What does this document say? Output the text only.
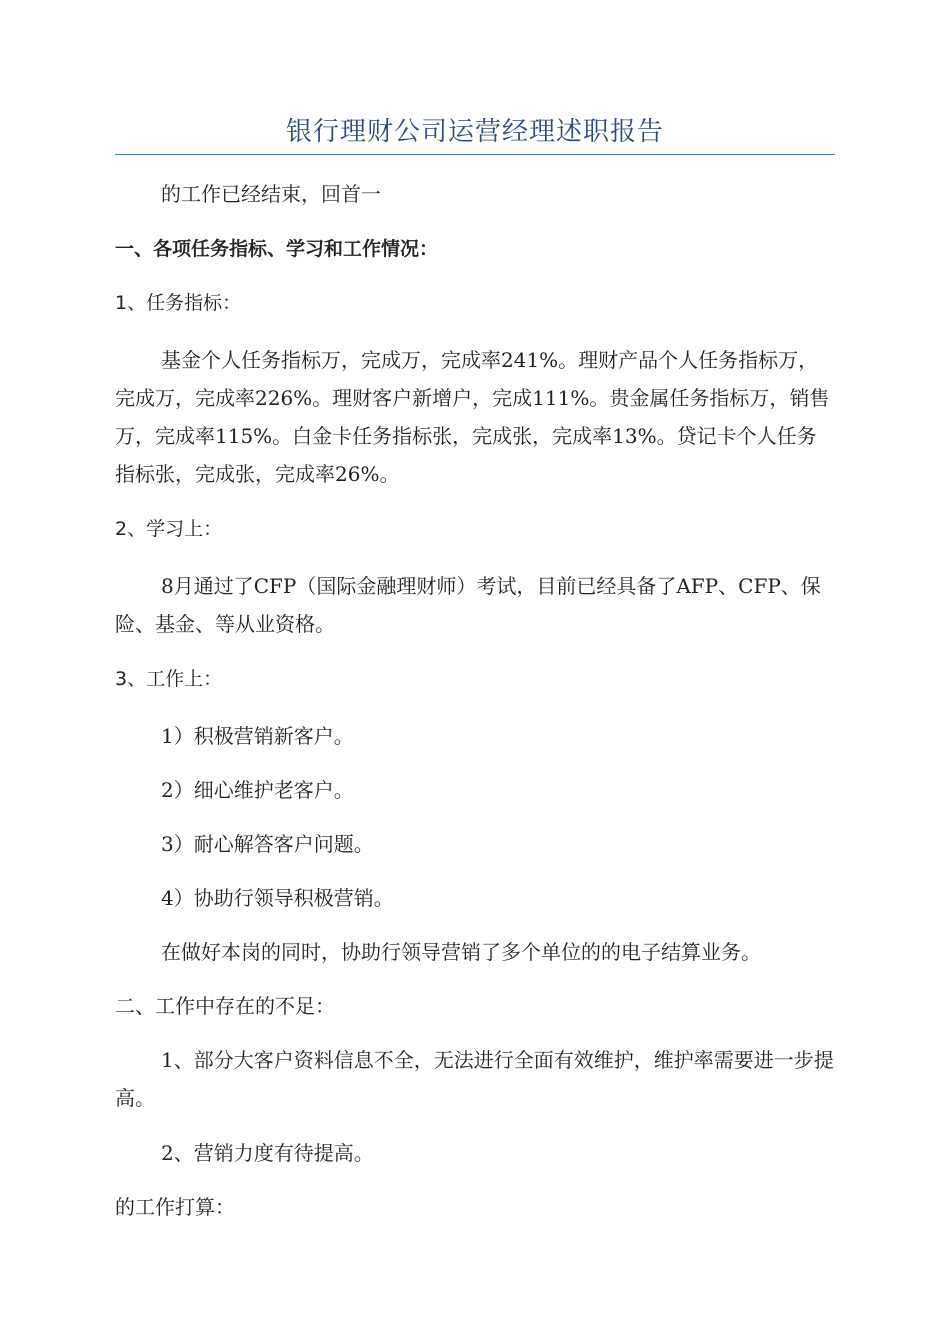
银行理财公司运营经理述职报告

的工作已经结束，回首一

一、各项任务指标、学习和工作情况：

1、任务指标：

基金个人任务指标万，完成万，完成率241%。理财产品个人任务指标万，完成万，完成率226%。理财客户新增户，完成111%。贵金属任务指标万，销售万，完成率115%。白金卡任务指标张，完成张，完成率13%。贷记卡个人任务指标张，完成张，完成率26%。

2、学习上：

8月通过了CFP（国际金融理财师）考试，目前已经具备了AFP、CFP、保险、基金、等从业资格。

3、工作上：

1）积极营销新客户。

2）细心维护老客户。

3）耐心解答客户问题。

4）协助行领导积极营销。

在做好本岗的同时，协助行领导营销了多个单位的的电子结算业务。

二、工作中存在的不足：

1、部分大客户资料信息不全，无法进行全面有效维护，维护率需要进一步提高。

2、营销力度有待提高。

的工作打算：
